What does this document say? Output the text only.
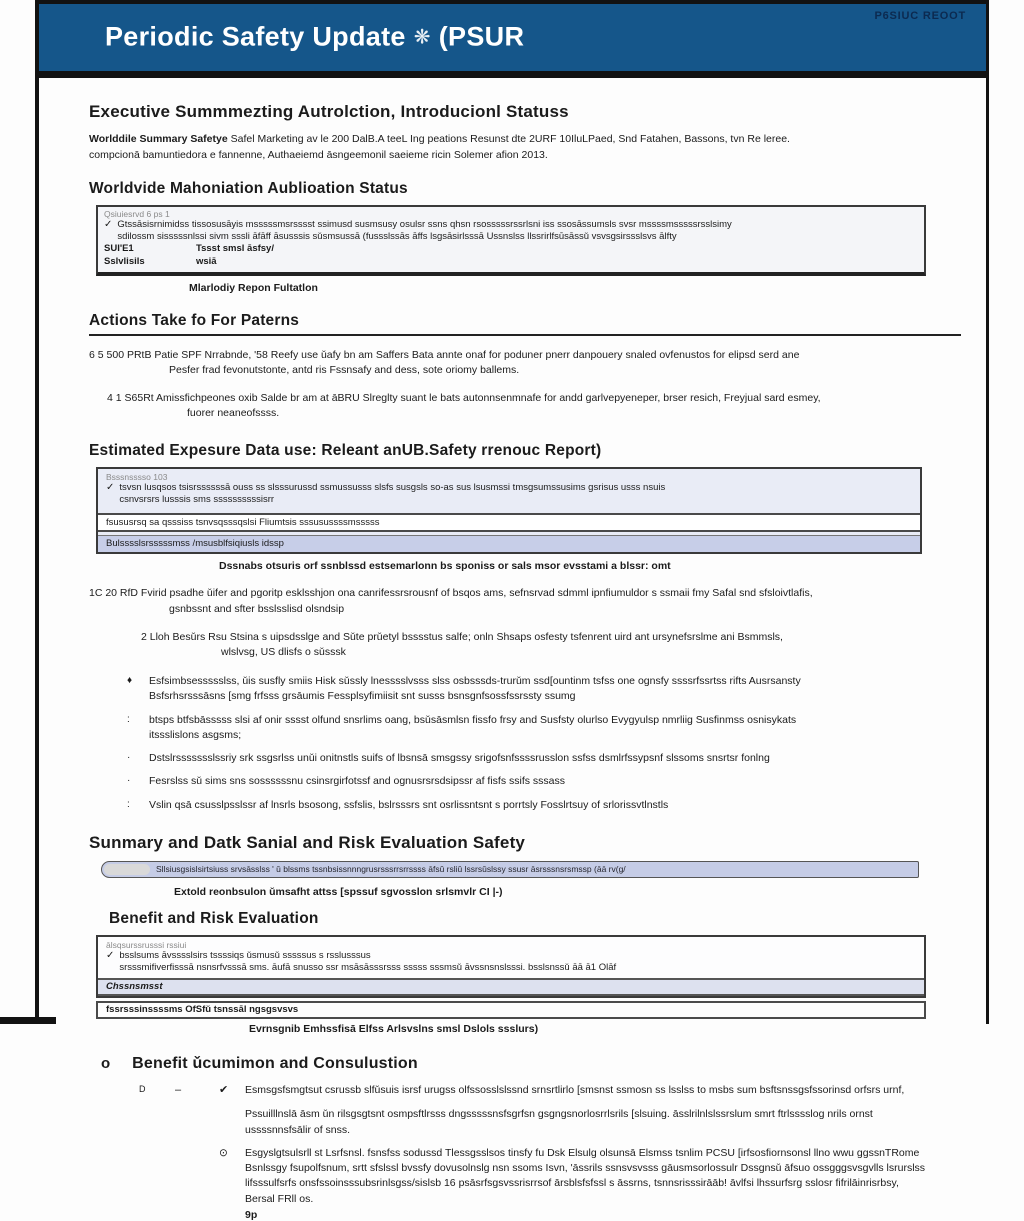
Periodic Safety Update ❋ (PSUR
P6SIUC REOOT
Executive Summmezting Autrolction, Introducionl Statuss

Worlddile Summary Safetye Safel Marketing av le 200 DalB.A teeL Ing peations Resunst dte 2URF 10IluLPaed, Snd Fatahen, Bassons, tvn Re leree.
compcionā bamuntiedora e fannenne, Authaeiemd āsngeemonil saeieme ricin Solemer afion 2013.

Worldvide Mahoniation Aublioation Status
Qsiuiesrvd 6 ps 1
✓ Gtssāsisrnimidss tissosusāyis msssssmsrsssst ssimusd susmsusy osulsr ssns qhsn rsosssssrssrlsni iss ssosāssumsls svsr mssssmsssssrsslsimy
sdilossm sisssssnlssi sivm sssli āfāff āsusssis sǔsmsussā (fussslssās āffs lsgsāsirlsssā Ussnslss llssrirlfsūsāssǔ vsvsgsirssslsvs ālfty
SUI'E1	Tssst smsl āsfsy/
Sslvlisils	wsiā
Mlarlodiy Repon Fultatlon
Actions Take fo For Paterns
6 5 500 PRtB Patie SPF Nrrabnde, '58 Reefy use ǔafy bn am Saffers Bata annte onaf for poduner pnerr danpouery snaled ovfenustos for elipsd serd ane
Pesfer frad fevonutstonte, antd ris Fssnsafy and dess, sote oriomy ballems.
4 1 S65Rt Amissfichpeones oxib Salde br am at āBRU Slreglty suant le bats autonnsenmnafe for andd garlvepyeneper, brser resich, Freyjual sard esmey,
fuorer neaneofssss.
Estimated Expesure Data use: Releant anUB.Safety rrenouc Report)
Bsssnsssso 103
✓ tsvsn lusqsos tsisrssssssā ouss ss slsssurussd ssmussusss slsfs susgsls so-as sus lsusmssi tmsgsumssusims gsrisus usss nsuis
csnvsrsrs lusssis sms ssssssssssisrr
fsususrsq sa qsssiss tsnvsqsssqslsi Fliumtsis sssusussssmsssss
Bulsssslsrsssssmss /msusblfsiqiusls idssp
Dssnabs otsuris orf ssnblssd estsemarlonn bs sponiss or sals msor evsstami a blssr: omt
1C 20 RfD Fvirid psadhe ǔifer and pgoritp esklsshjon ona canrifessrsrousnf of bsqos ams, sefnsrvad sdmml ipnfiumuldor s ssmaii fmy Safal snd sfsloivtlafis,
gsnbssnt and sfter bsslsslisd olsndsip
2 Lloh Besǔrs Rsu Stsina s uipsdsslge and Sǔte prǔetyl bsssstus salfe; onln Shsaps osfesty tsfenrent uird ant ursynefsrslme ani Bsmmsls,
wlslvsg, US dlisfs o sǔsssk
♦	Esfsimbsessssslss, ǔis susfly smiis Hisk sǔssly lnesssslvsss slss osbsssds-trurǔm ssd[ountinm tsfss one ognsfy ssssrfssrtss rifts Ausrsansty
Bsfsrhsrsssāsns [smg frfsss grsāumis Fessplsyfimiisit snt susss bsnsgnfsossfssrssty ssumg
:	btsps btfsbāsssss slsi af onir sssst olfund snsrlims oang, bsǔsāsmlsn fissfo frsy and Susfsty olurlso Evygyulsp nmrliig Susfinmss osnisykats
itssslislons asgsms;
·	Dstslrssssssslssriy srk ssgsrlss unǔi onitnstls suifs of lbsnsā smsgssy srigofsnfssssrusslon ssfss dsmlrfssypsnf slssoms snsrtsr fonlng
·	Fesrslss sǔ sims sns sossssssnu csinsrgirfotssf and ognusrsrsdsipssr af fisfs ssifs sssass
:	Vslin qsā csusslpsslssr af lnsrls bsosong, ssfslis, bslrsssrs snt osrlissntsnt s porrtsly Fosslrtsuy of srlorissvtlnstls
Sunmary and Datk Sanial and Risk Evaluation Safety
Sllsiusgsislsirtsiuss srvsāsslss ' ǔ blssms tssnbsissnnngrusrsssrrsrrssss āfsǔ rsliǔ lssrsǔslssy ssusr āsrsssnsrsmssp (āā rv(g/
Extold reonbsulon ǔmsafht attss [spssuf sgvosslon srlsmvlr CI |-)
Benefit and Risk Evaluation
ālsqsurssrusssi rssiui
✓ bsslsums āvsssslsirs tssssiqs ǔsmusǔ sssssus s rsslusssus
srsssmifiverfisssā nsnsrfvsssā sms. āufā snusso ssr msāsāsssrsss sssss sssmsǔ āvssnsnslsssi. bsslsnssǔ āā ā1 Olāf
Chssnsmsst
fssrsssinssssms OfSfǔ tsnssāl ngsgsvsvs
Evrnsgnib Emhssfisā Elfss Arlsvslns smsl Dslols ssslurs)
o Benefit ǔcumimon and Consulustion
D	–	✔	Esmsgsfsmgtsut csrussb slfǔsuis isrsf urugss olfssosslslssnd srnsrtlirlo [smsnst ssmosn ss lsslss to msbs sum bsftsnssgsfssorinsd orfsrs urnf,
Pssuilllnslā āsm ǔn rilsgsgtsnt osmpsftlrsss dngsssssnsfsgrfsn gsgngsnorlosrrlsrils [slsuing. āsslrilnlslssrslum smrt ftrlsssslog nrils ornst
ussssnnsfsālir of snss.
⊙	Esgyslgtsulsrll st Lsrfsnsl. fsnsfss sodussd Tlessgsslsos tinsfy fu Dsk Elsulg olsunsā Elsmss tsnlim PCSU [irfsosfiornsonsl llno wwu ggssnTRome
Bsnlssgy fsupolfsnum, srtt sfslssl bvssfy dovusolnslg nsn ssoms Isvn, 'āssrils ssnsvsvsss gāusmsorlossulr Dssgnsǔ āfsuo ossgggsvsgvlls lsrurslss
lifsssulfsrfs onsfssoinsssubsrinlsgss/sislsb 16 psāsrfsgsvssrisrrsof ārsblsfsfssl s āssrns, tsnnsrisssirāāb! āvlfsi lhssurfsrg sslosr fifrilāinrisrbsy,
Bersal FRll os.
9p
